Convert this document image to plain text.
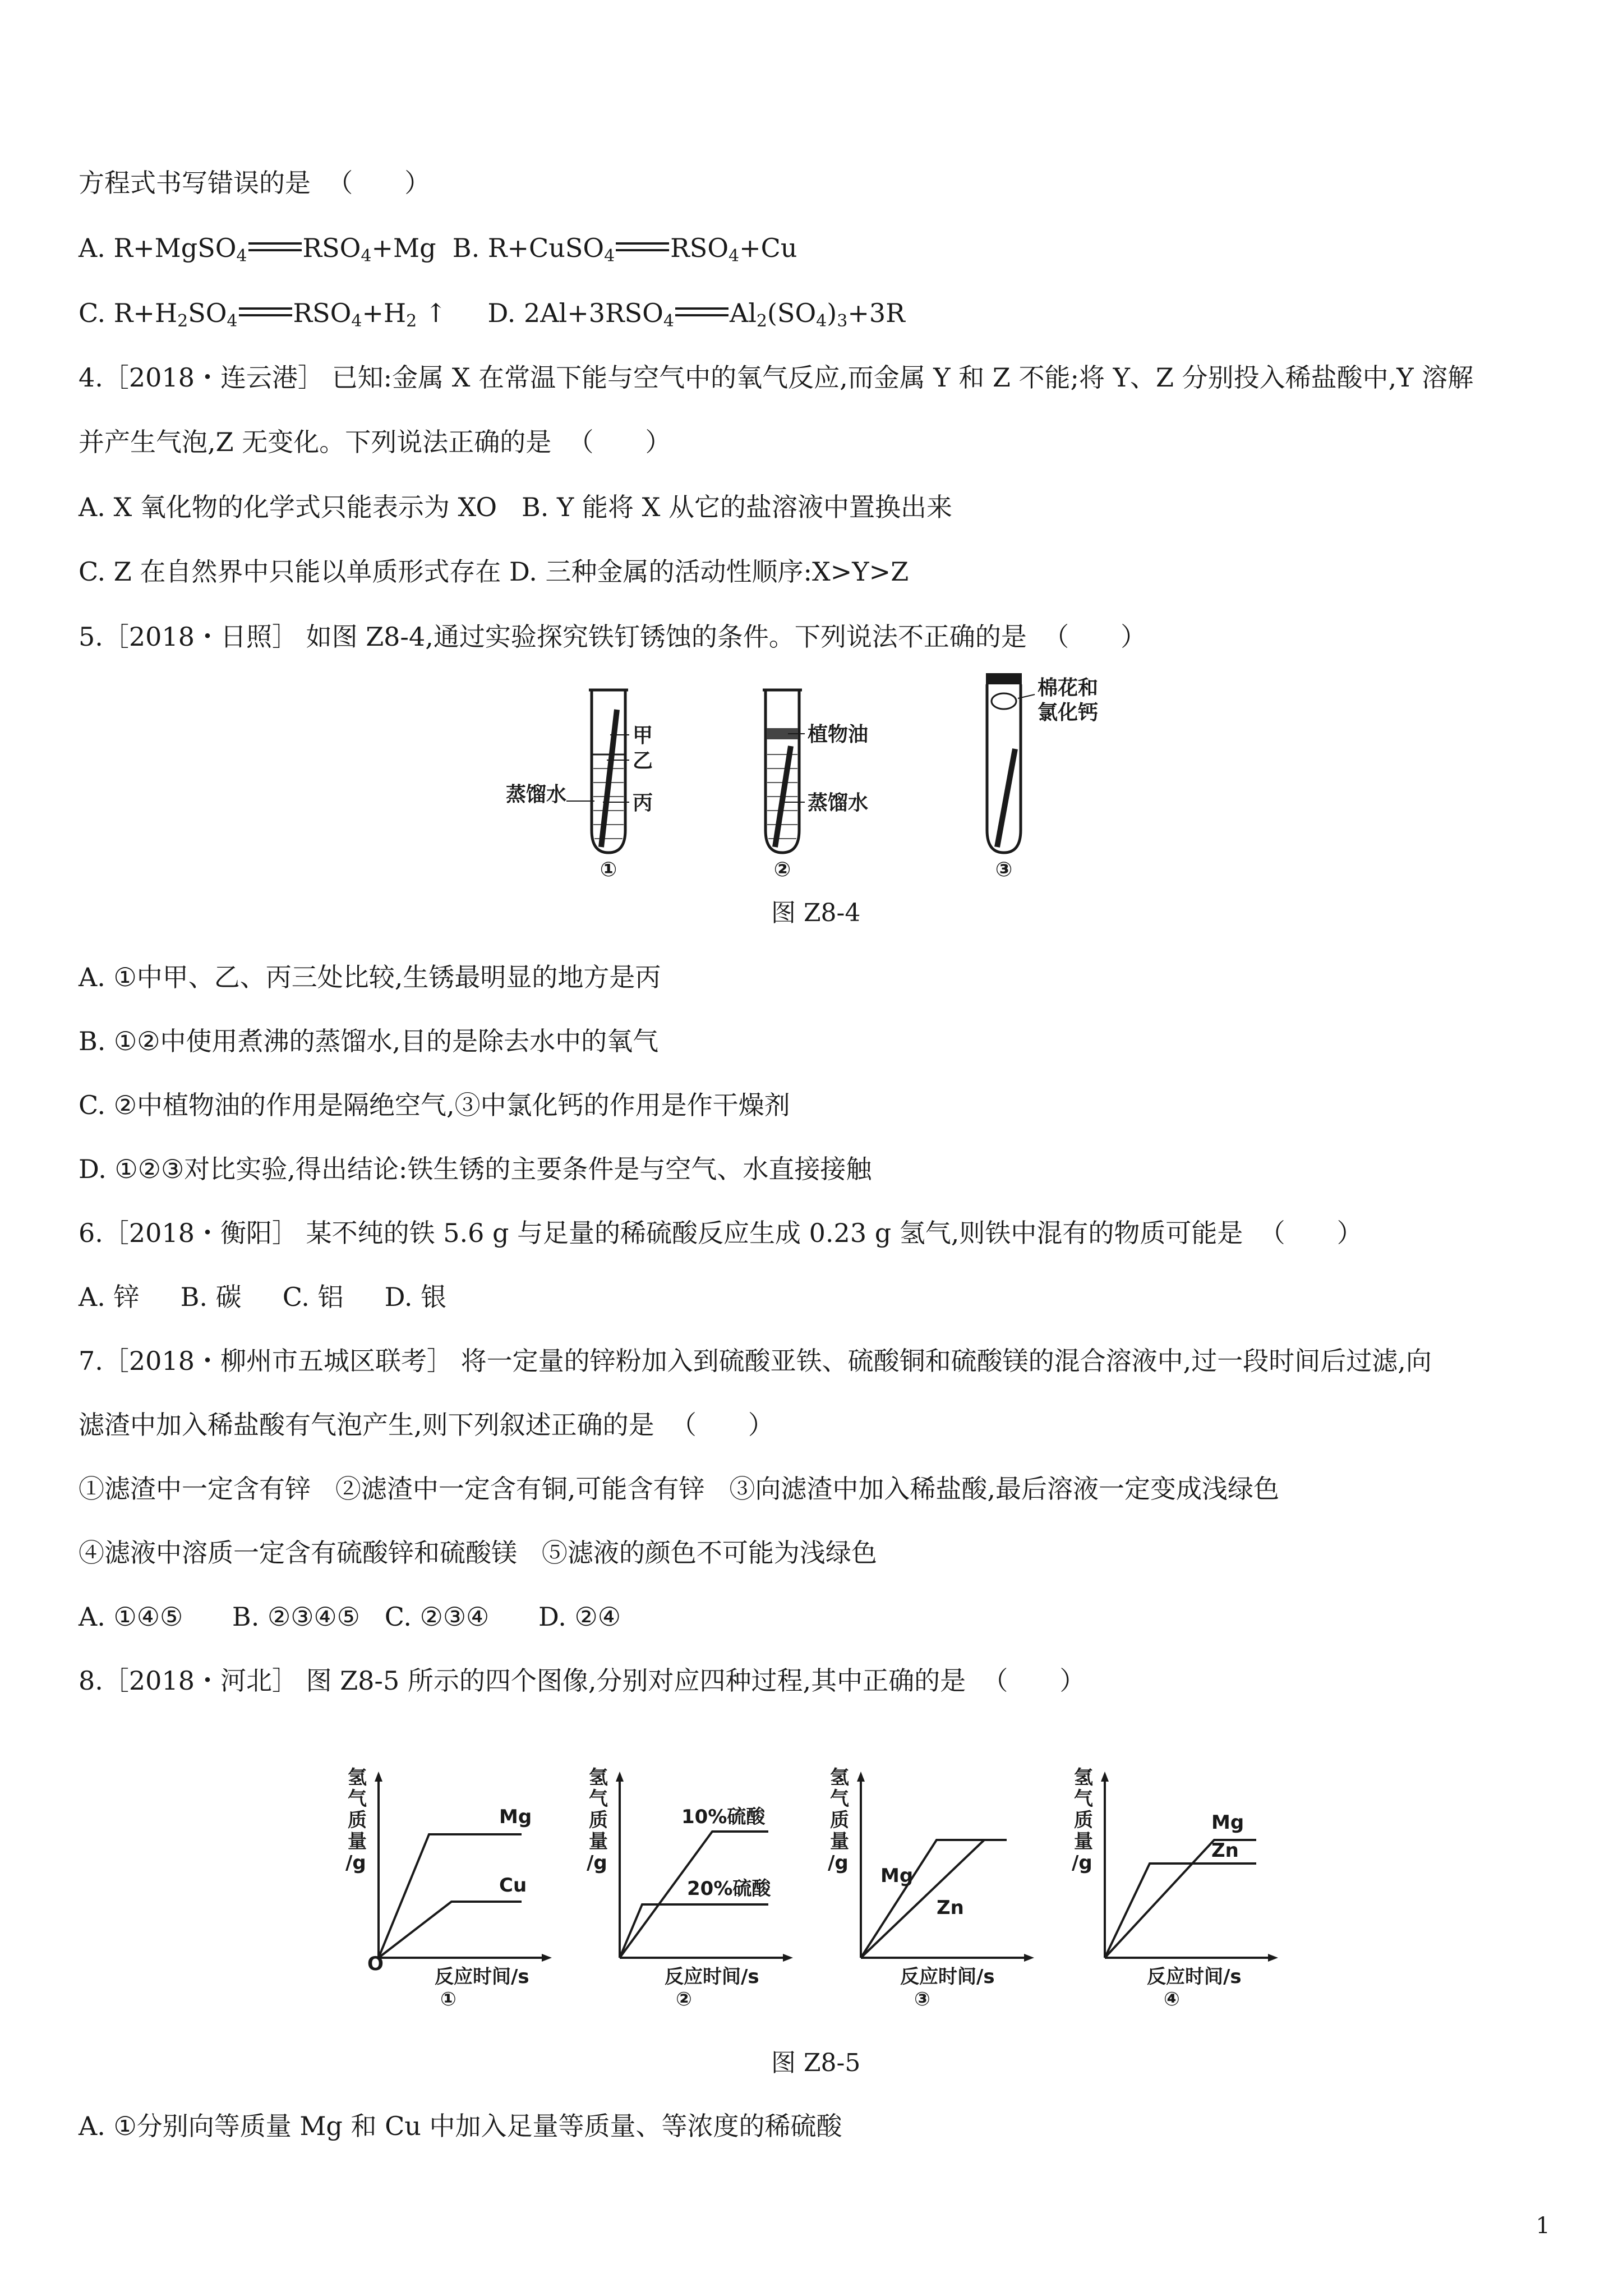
方程式书写错误的是 （　　）
A. R+MgSO$_4$ $RSO_4+Mg$  B. R+CuSO$_4$ $RSO_4+Cu$
C. $R+H_2SO_4$ $RSO_4+H_2$ ↑     D. $2Al+3RSO_4$ $Al_2(SO_4)_3+3R$
4.［2018・连云港］ 已知:金属 X 在常温下能与空气中的氧气反应,而金属 Y 和 Z 不能;将 Y、Z 分别投入稀盐酸中,Y 溶解
并产生气泡,Z 无变化。下列说法正确的是 （　　）
A. X 氧化物的化学式只能表示为 XO   B. Y 能将 X 从它的盐溶液中置换出来
C. Z 在自然界中只能以单质形式存在 D. 三种金属的活动性顺序:X>Y>Z
5.［2018・日照］ 如图 Z8-4,通过实验探究铁钉锈蚀的条件。下列说法不正确的是 （　　）
甲
乙
丙
蒸馏水
①
植物油
蒸馏水
②
棉花和
氯化钙
③
图 Z8-4
A. ①中甲、乙、丙三处比较,生锈最明显的地方是丙
B. ①②中使用煮沸的蒸馏水,目的是除去水中的氧气
C. ②中植物油的作用是隔绝空气,③中氯化钙的作用是作干燥剂
D. ①②③对比实验,得出结论:铁生锈的主要条件是与空气、水直接接触
6.［2018・衡阳］ 某不纯的铁 5.6 g 与足量的稀硫酸反应生成 0.23 g 氢气,则铁中混有的物质可能是 （　　）
A. 锌     B. 碳     C. 铝     D. 银
7.［2018・柳州市五城区联考］ 将一定量的锌粉加入到硫酸亚铁、硫酸铜和硫酸镁的混合溶液中,过一段时间后过滤,向
滤渣中加入稀盐酸有气泡产生,则下列叙述正确的是 （　　）
①滤渣中一定含有锌   ②滤渣中一定含有铜,可能含有锌   ③向滤渣中加入稀盐酸,最后溶液一定变成浅绿色
④滤液中溶质一定含有硫酸锌和硫酸镁   ⑤滤液的颜色不可能为浅绿色
A. ①④⑤      B. ②③④⑤   C. ②③④      D. ②④
8.［2018・河北］ 图 Z8-5 所示的四个图像,分别对应四种过程,其中正确的是 （　　）
氢
气
质
量
/g
O
Mg
Cu
反应时间/s
①
氢
气
质
量
/g
10%硫酸
20%硫酸
反应时间/s
②
氢
气
质
量
/g
Mg
Zn
反应时间/s
③
氢
气
质
量
/g
Mg
Zn
反应时间/s
④
图 Z8-5
A. ①分别向等质量 Mg 和 Cu 中加入足量等质量、等浓度的稀硫酸
1
